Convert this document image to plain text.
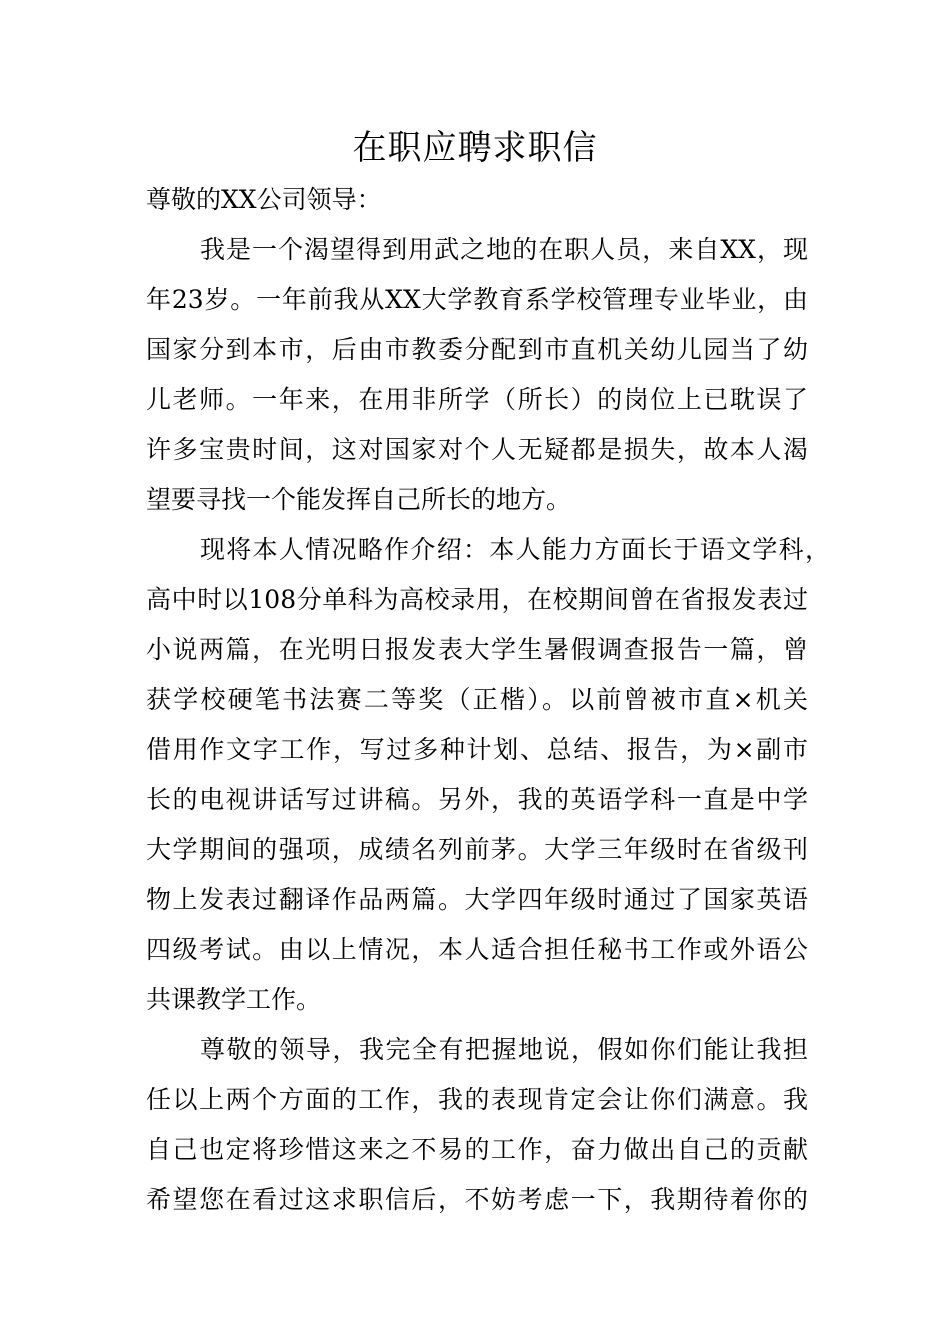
在职应聘求职信
尊敬的XX公司领导：
我是一个渴望得到用武之地的在职人员，来自XX，现
年23岁。一年前我从XX大学教育系学校管理专业毕业，由
国家分到本市，后由市教委分配到市直机关幼儿园当了幼
儿老师。一年来，在用非所学（所长）的岗位上已耽误了
许多宝贵时间，这对国家对个人无疑都是损失，故本人渴
望要寻找一个能发挥自己所长的地方。
现将本人情况略作介绍：本人能力方面长于语文学科，
高中时以108分单科为高校录用，在校期间曾在省报发表过
小说两篇，在光明日报发表大学生暑假调查报告一篇，曾
获学校硬笔书法赛二等奖（正楷）。以前曾被市直×机关
借用作文字工作，写过多种计划、总结、报告，为×副市
长的电视讲话写过讲稿。另外，我的英语学科一直是中学
大学期间的强项，成绩名列前茅。大学三年级时在省级刊
物上发表过翻译作品两篇。大学四年级时通过了国家英语
四级考试。由以上情况，本人适合担任秘书工作或外语公
共课教学工作。
尊敬的领导，我完全有把握地说，假如你们能让我担
任以上两个方面的工作，我的表现肯定会让你们满意。我
自己也定将珍惜这来之不易的工作，奋力做出自己的贡献
希望您在看过这求职信后，不妨考虑一下，我期待着你的
